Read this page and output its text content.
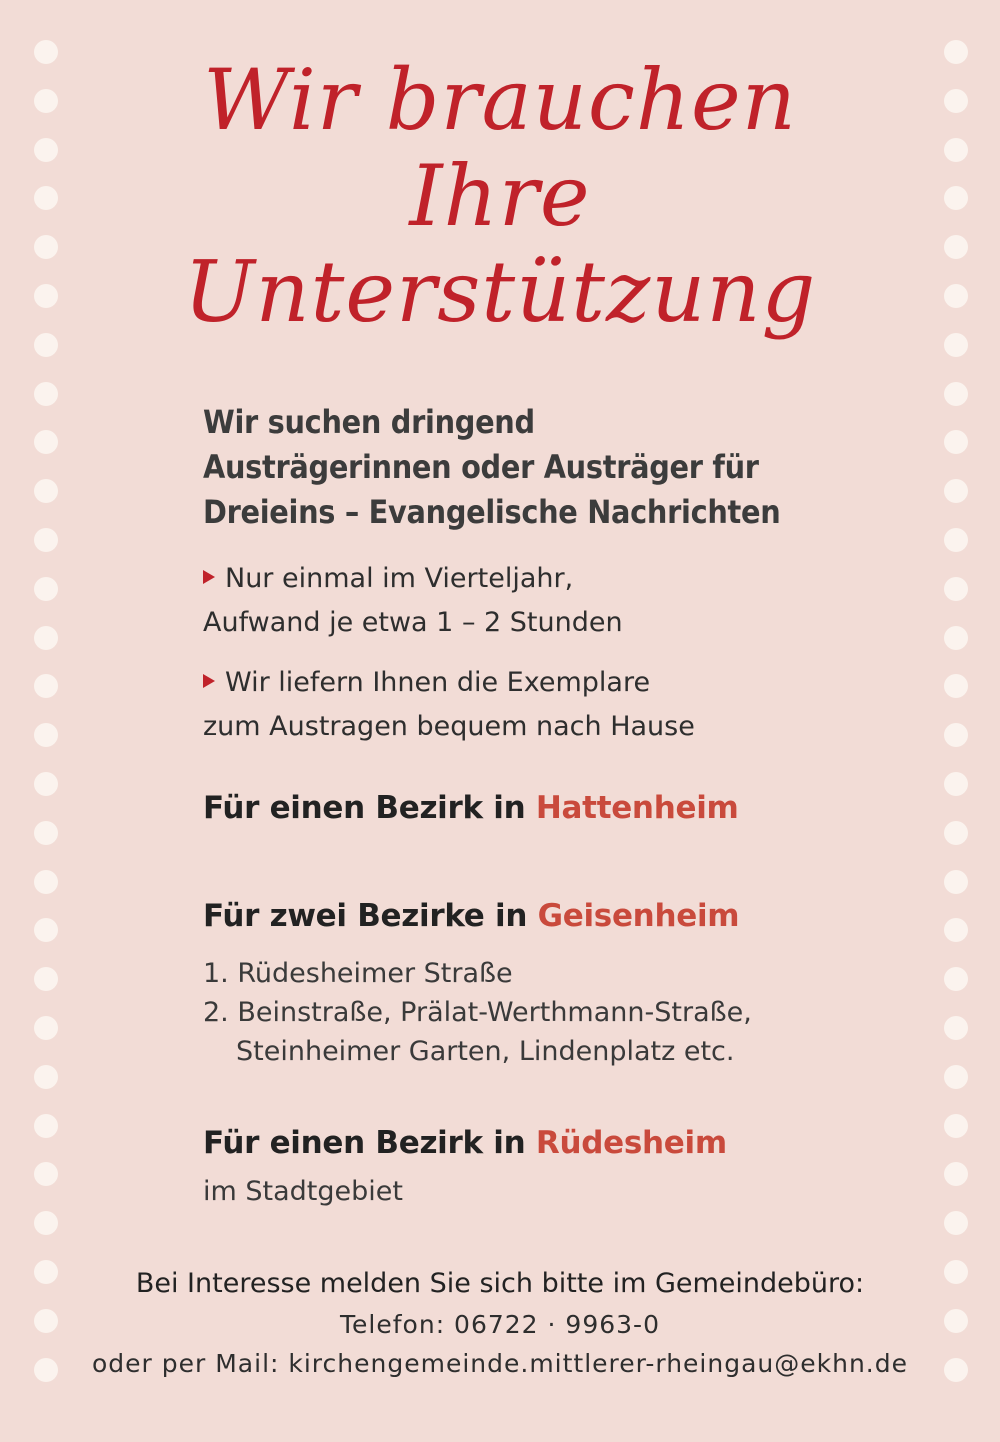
Wir brauchen
Ihre
Unterstützung
Wir suchen dringend
Austrägerinnen oder Austräger für
Dreieins – Evangelische Nachrichten
Nur einmal im Vierteljahr,
Aufwand je etwa 1 – 2 Stunden
Wir liefern Ihnen die Exemplare
zum Austragen bequem nach Hause
Für einen Bezirk in Hattenheim
Für zwei Bezirke in Geisenheim
1. Rüdesheimer Straße
2. Beinstraße, Prälat-Werthmann-Straße,
Steinheimer Garten, Lindenplatz etc.
Für einen Bezirk in Rüdesheim
im Stadtgebiet
Bei Interesse melden Sie sich bitte im Gemeindebüro:
Telefon: 06722 · 9963-0
oder per Mail: kirchengemeinde.mittlerer-rheingau@ekhn.de
